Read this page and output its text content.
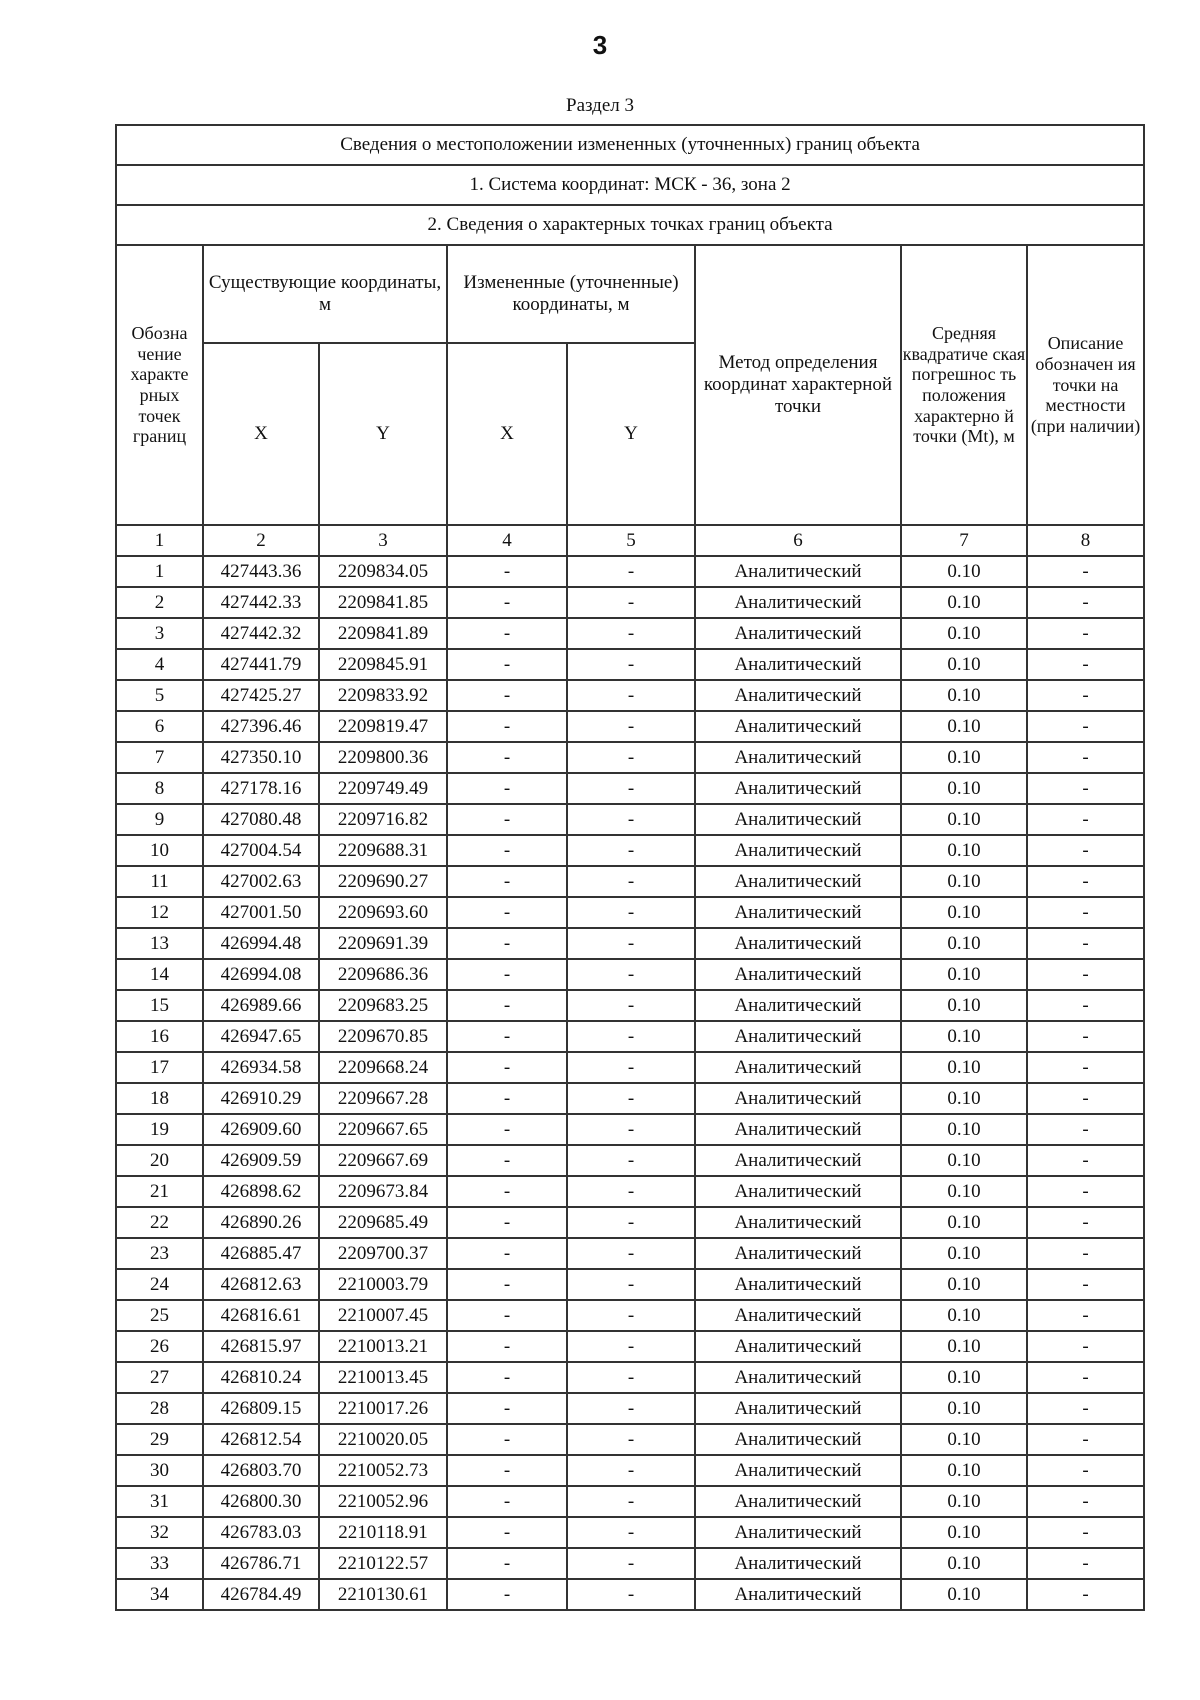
3
Раздел 3
Сведения о местоположении измененных (уточненных) границ объекта							
1. Система координат: МСК - 36, зона 2							
2. Сведения о характерных точках границ объекта							
Обозна чение характе рных точек границ	Существующие координаты, м		Измененные (уточненные) координаты, м		Метод определения координат характерной точки	Средняя квадратиче ская погрешнос ть положения характерно й точки (Mt), м	Описание обозначен ия точки на местности (при наличии)
	X	Y	X	Y			
1	2	3	4	5	6	7	8
1	427443.36	2209834.05	-	-	Аналитический	0.10	-
2	427442.33	2209841.85	-	-	Аналитический	0.10	-
3	427442.32	2209841.89	-	-	Аналитический	0.10	-
4	427441.79	2209845.91	-	-	Аналитический	0.10	-
5	427425.27	2209833.92	-	-	Аналитический	0.10	-
6	427396.46	2209819.47	-	-	Аналитический	0.10	-
7	427350.10	2209800.36	-	-	Аналитический	0.10	-
8	427178.16	2209749.49	-	-	Аналитический	0.10	-
9	427080.48	2209716.82	-	-	Аналитический	0.10	-
10	427004.54	2209688.31	-	-	Аналитический	0.10	-
11	427002.63	2209690.27	-	-	Аналитический	0.10	-
12	427001.50	2209693.60	-	-	Аналитический	0.10	-
13	426994.48	2209691.39	-	-	Аналитический	0.10	-
14	426994.08	2209686.36	-	-	Аналитический	0.10	-
15	426989.66	2209683.25	-	-	Аналитический	0.10	-
16	426947.65	2209670.85	-	-	Аналитический	0.10	-
17	426934.58	2209668.24	-	-	Аналитический	0.10	-
18	426910.29	2209667.28	-	-	Аналитический	0.10	-
19	426909.60	2209667.65	-	-	Аналитический	0.10	-
20	426909.59	2209667.69	-	-	Аналитический	0.10	-
21	426898.62	2209673.84	-	-	Аналитический	0.10	-
22	426890.26	2209685.49	-	-	Аналитический	0.10	-
23	426885.47	2209700.37	-	-	Аналитический	0.10	-
24	426812.63	2210003.79	-	-	Аналитический	0.10	-
25	426816.61	2210007.45	-	-	Аналитический	0.10	-
26	426815.97	2210013.21	-	-	Аналитический	0.10	-
27	426810.24	2210013.45	-	-	Аналитический	0.10	-
28	426809.15	2210017.26	-	-	Аналитический	0.10	-
29	426812.54	2210020.05	-	-	Аналитический	0.10	-
30	426803.70	2210052.73	-	-	Аналитический	0.10	-
31	426800.30	2210052.96	-	-	Аналитический	0.10	-
32	426783.03	2210118.91	-	-	Аналитический	0.10	-
33	426786.71	2210122.57	-	-	Аналитический	0.10	-
34	426784.49	2210130.61	-	-	Аналитический	0.10	-
